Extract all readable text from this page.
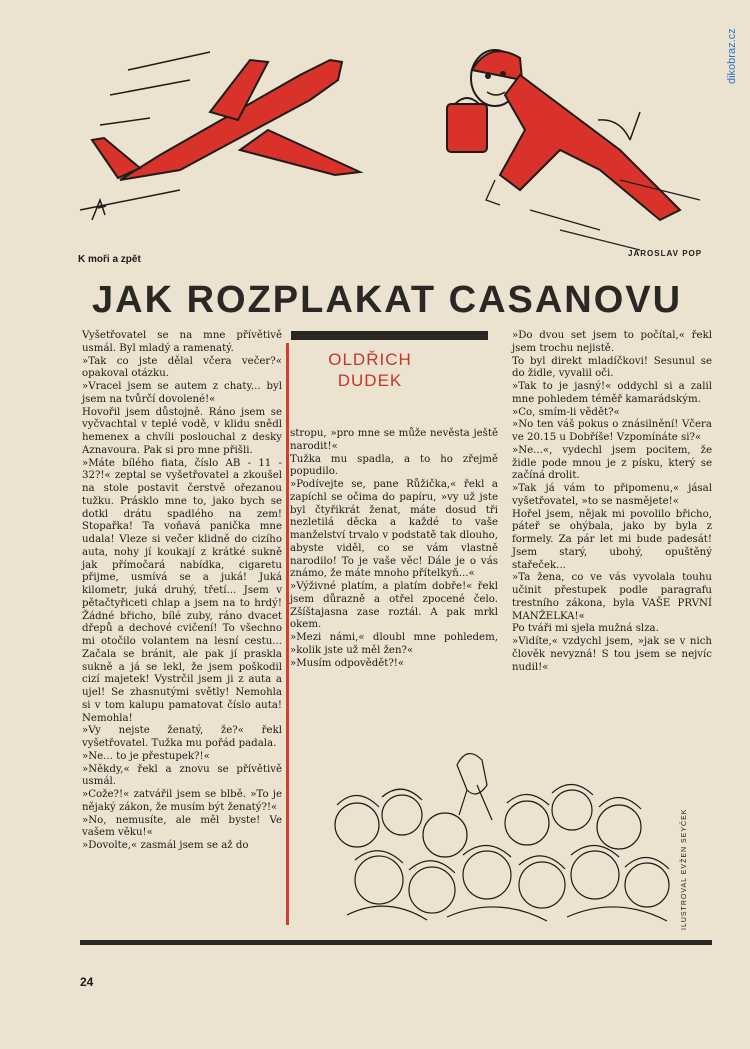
dikobraz.cz
K moři a zpět
JAROSLAV POP
JAK ROZPLAKAT CASANOVU

Vyšetřovatel se na mne přívětivě usmál. Byl mladý a ramenatý.

»Tak co jste dělal včera večer?« opakoval otázku.

»Vracel jsem se autem z chaty... byl jsem na tvůrčí dovolené!«

Hovořil jsem důstojně. Ráno jsem se vyčvachtal v teplé vodě, v klidu snědl hemenex a chvíli poslouchal z desky Aznavoura. Pak si pro mne přišli.

»Máte bílého fiata, číslo AB - 11 - 32?!« zeptal se vyšetřovatel a zkoušel na stole postavit čerstvě ořezanou tužku. Prásklo mne to, jako bych se dotkl drátu spadlého na zem! Stopařka! Ta voňavá panička mne udala! Vleze si večer klidně do cizího auta, nohy jí koukají z krátké sukně jak přímočará nabídka, cigaretu přijme, usmívá se a juká! Juká kilometr, juká druhý, třetí... Jsem v pětačtyřiceti chlap a jsem na to hrdý! Žádné břicho, bílé zuby, ráno dvacet dřepů a dechové cvičení! To všechno mi otočilo volantem na lesní cestu... Začala se bránit, ale pak jí praskla sukně a já se lekl, že jsem poškodil cizí majetek! Vystrčil jsem ji z auta a ujel! Se zhasnutými světly! Nemohla si v tom kalupu pamatovat číslo auta! Nemohla!

»Vy nejste ženatý, že?« řekl vyšetřovatel. Tužka mu pořád padala.

»Ne... to je přestupek?!«

»Někdy,« řekl a znovu se přívětivě usmál.

»Cože?!« zatvářil jsem se blbě. »To je nějaký zákon, že musím být ženatý?!«

»No, nemusíte, ale měl byste! Ve vašem věku!«

»Dovolte,« zasmál jsem se až do

OLDŘICH
DUDEK

stropu, »pro mne se může nevěsta ještě narodit!«

Tužka mu spadla, a to ho zřejmě popudilo.

»Podívejte se, pane Růžička,« řekl a zapíchl se očima do papíru, »vy už jste byl čtyřikrát ženat, máte dosud tři nezletilá děcka a každé to vaše manželství trvalo v podstatě tak dlouho, abyste viděl, co se vám vlastně narodilo! To je vaše věc! Dále je o vás známo, že máte mnoho přítelkyň...«

»Výživné platím, a platím dobře!« řekl jsem důrazně a otřel zpocené čelo. Zšíštajasna zase roztál. A pak mrkl okem.

»Mezi námi,« dloubl mne pohledem, »kolik jste už měl žen?«

»Musím odpovědět?!«

»Do dvou set jsem to počítal,« řekl jsem trochu nejistě.

To byl direkt mladíčkovi! Sesunul se do židle, vyvalil oči.

»Tak to je jasný!« oddychl si a zalil mne pohledem téměř kamarádským.

»Co, smím-li vědět?«

»No ten váš pokus o znásilnění! Včera ve 20.15 u Dobříše! Vzpomínáte si?«

»Ne...«, vydechl jsem pocitem, že židle pode mnou je z písku, který se začíná drolit.

»Tak já vám to připomenu,« jásal vyšetřovatel, »to se nasmějete!«

Hořel jsem, nějak mi povolilo břicho, páteř se ohýbala, jako by byla z formely. Za pár let mi bude padesát! Jsem starý, ubohý, opuštěný stařeček...

»Ta žena, co ve vás vyvolala touhu učinit přestupek podle paragrafu trestního zákona, byla VAŠE PRVNÍ MANŽELKA!«

Po tváři mi sjela mužná slza.

»Vidíte,« vzdychl jsem, »jak se v nich člověk nevyzná! S tou jsem se nejvíc nudil!«

ILUSTROVAL EVŽEN SEYČEK
24
